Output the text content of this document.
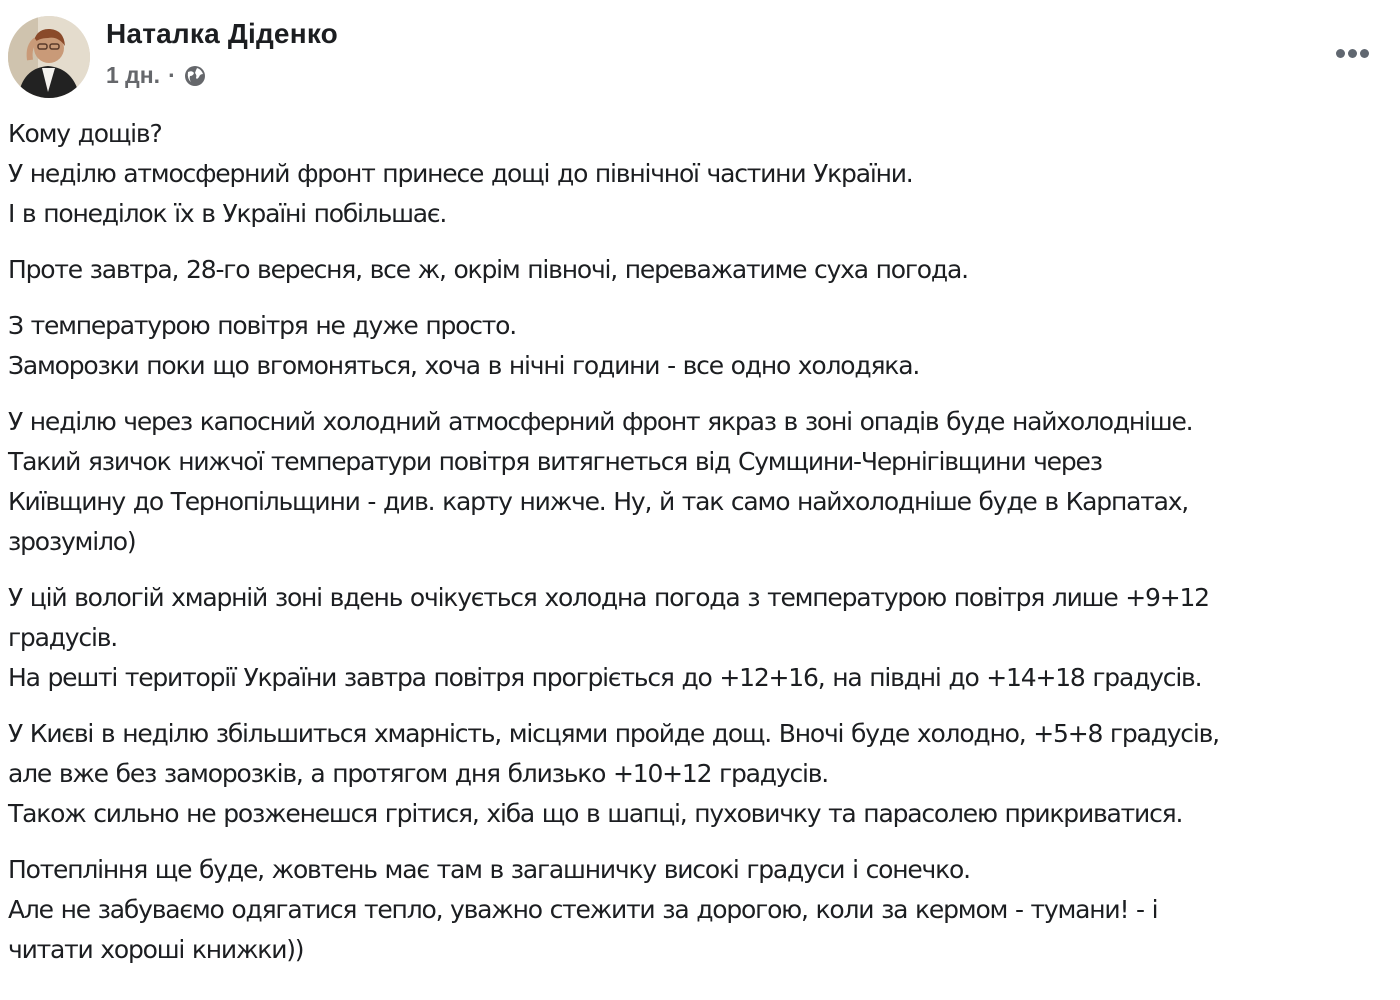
Наталка Діденко
1 дн. ·

Кому дощів?
У неділю атмосферний фронт принесе дощі до північної частини України.
І в понеділок їх в Україні побільшає.

Проте завтра, 28-го вересня, все ж, окрім півночі, переважатиме суха погода.

З температурою повітря не дуже просто.
Заморозки поки що вгомоняться, хоча в нічні години - все одно холодяка.

У неділю через капосний холодний атмосферний фронт якраз в зоні опадів буде найхолодніше.
Такий язичок нижчої температури повітря витягнеться від Сумщини-Чернігівщини через
Київщину до Тернопільщини - див. карту нижче. Ну, й так само найхолодніше буде в Карпатах,
зрозуміло)

У цій вологій хмарній зоні вдень очікується холодна погода з температурою повітря лише +9+12
градусів.
На решті території України завтра повітря прогріється до +12+16, на півдні до +14+18 градусів.

У Києві в неділю збільшиться хмарність, місцями пройде дощ. Вночі буде холодно, +5+8 градусів,
але вже без заморозків, а протягом дня близько +10+12 градусів.
Також сильно не розженешся грітися, хіба що в шапці, пуховичку та парасолею прикриватися.

Потепління ще буде, жовтень має там в загашничку високі градуси і сонечко.
Але не забуваємо одягатися тепло, уважно стежити за дорогою, коли за кермом - тумани! - і
читати хороші книжки))
